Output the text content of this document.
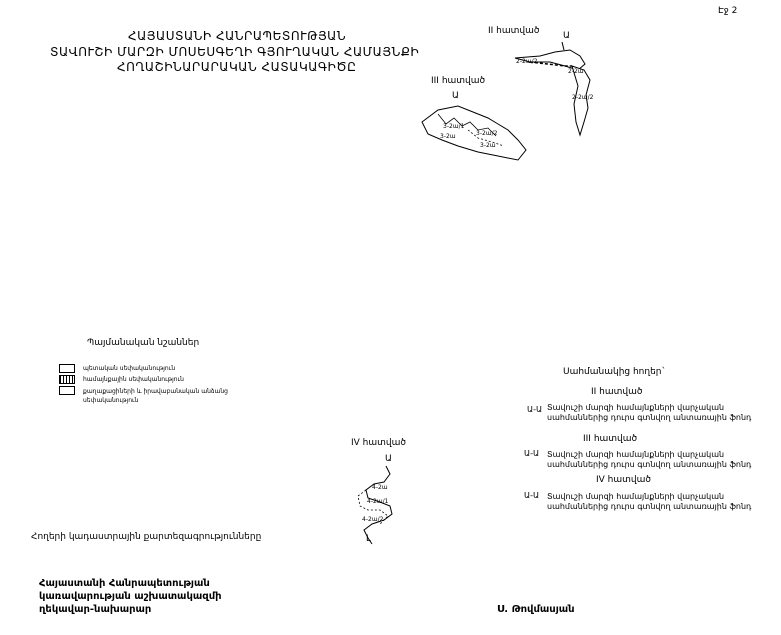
Էջ 2
ՀԱՅԱՍՏԱՆԻ ՀԱՆՐԱՊԵՏՈՒԹՅԱՆ
ՏԱՎՈՒՇԻ ՄԱՐԶԻ ՄՈՍԵՍԳԵՂԻ ԳՅՈՒՂԱԿԱՆ ՀԱՄԱՅՆՔԻ
ՀՈՂԱՇԻՆԱՐԱՐԱԿԱՆ ՀԱՏԱԿԱԳԻԾԸ
II հատված	Ա
2-2ա/2
2-2ա
2-2ա/2
III հատված
Ա
3-2ա/1
3-2ա	3-2ա/2
3-2ա
Պայմանական նշաններ
պետական սեփականություն
համայնքային սեփականություն
քաղաքացիների և իրավաբանական անձանց սեփականություն
IV հատված
Ա
4-2ա
4-2ա/1
4-2ա/2
Լ
Հողերի կադաստրային քարտեզագրությունները
Սահմանակից հողեր`
II հատված
Ա-Ա Տավուշի մարզի համայնքների վարչական
սահմաններից դուրս գտնվող անտառային ֆոնդ
III հատված
Ա-Ա Տավուշի մարզի համայնքների վարչական
սահմաններից դուրս գտնվող անտառային ֆոնդ
IV հատված
Ա-Ա Տավուշի մարզի համայնքների վարչական
սահմաններից դուրս գտնվող անտառային ֆոնդ
Հայաստանի Հանրապետության
կառավարության աշխատակազմի
ղեկավար-նախարար	Ս. Թովմասյան
